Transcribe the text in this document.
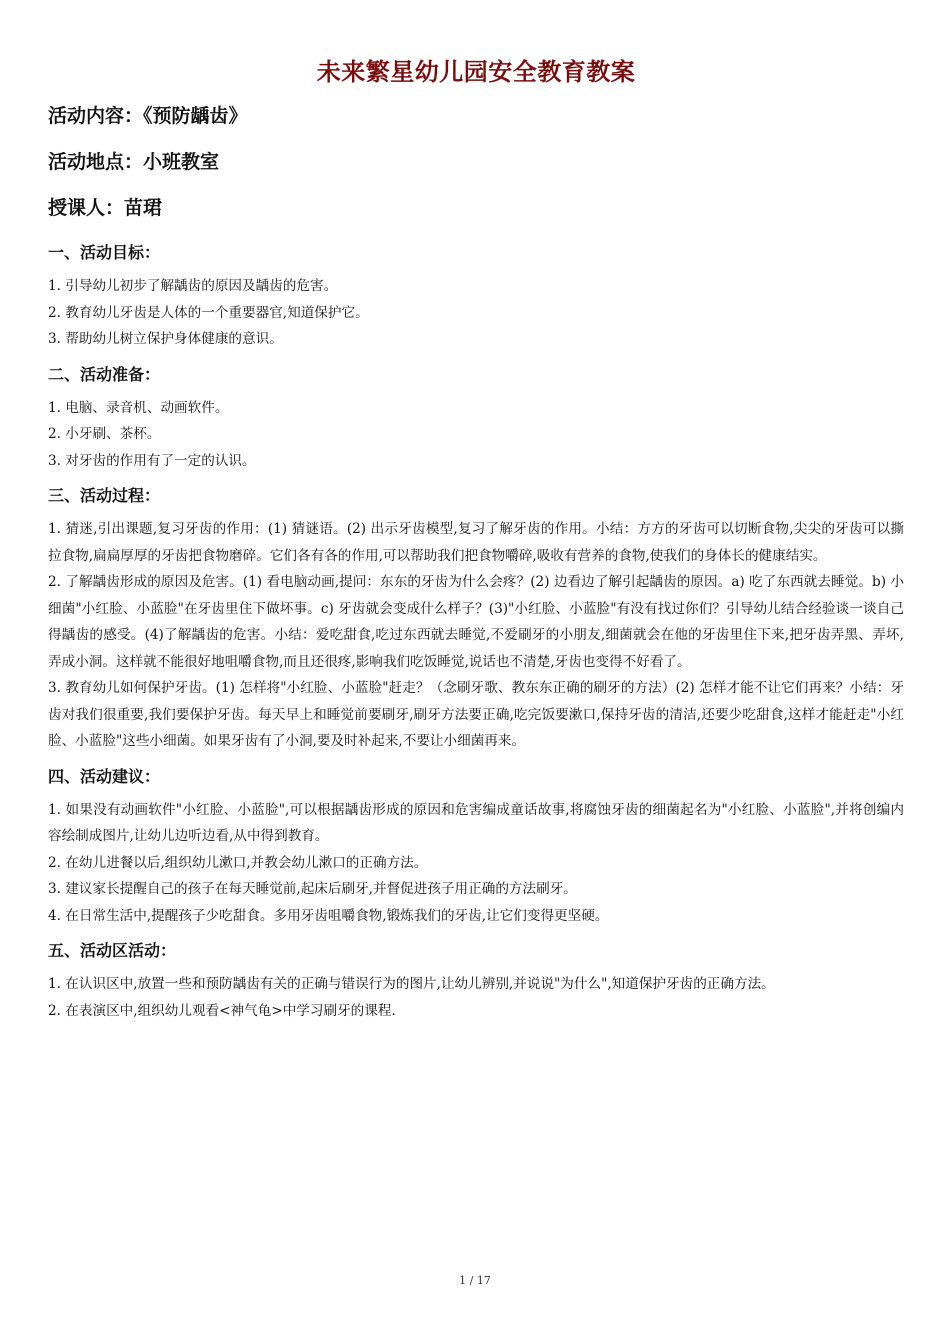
未来繁星幼儿园安全教育教案

活动内容：《预防龋齿》

活动地点：小班教室

授课人：苗珺

一、活动目标：

1. 引导幼儿初步了解龋齿的原因及龋齿的危害。

2. 教育幼儿牙齿是人体的一个重要器官,知道保护它。

3. 帮助幼儿树立保护身体健康的意识。

二、活动准备：

1. 电脑、录音机、动画软件。

2. 小牙刷、茶杯。

3. 对牙齿的作用有了一定的认识。

三、活动过程：

1. 猜迷,引出课题,复习牙齿的作用：(1) 猜谜语。(2) 出示牙齿模型,复习了解牙齿的作用。小结：方方的牙齿可以切断食物,尖尖的牙齿可以撕拉食物,扁扁厚厚的牙齿把食物磨碎。它们各有各的作用,可以帮助我们把食物嚼碎,吸收有营养的食物,使我们的身体长的健康结实。

2. 了解龋齿形成的原因及危害。(1) 看电脑动画,提问：东东的牙齿为什么会疼？(2) 边看边了解引起龋齿的原因。a) 吃了东西就去睡觉。b) 小细菌"小红脸、小蓝脸"在牙齿里住下做坏事。c) 牙齿就会变成什么样子？(3)"小红脸、小蓝脸"有没有找过你们？引导幼儿结合经验谈一谈自己得龋齿的感受。(4)了解龋齿的危害。小结：爱吃甜食,吃过东西就去睡觉,不爱刷牙的小朋友,细菌就会在他的牙齿里住下来,把牙齿弄黑、弄坏,弄成小洞。这样就不能很好地咀嚼食物,而且还很疼,影响我们吃饭睡觉,说话也不清楚,牙齿也变得不好看了。

3. 教育幼儿如何保护牙齿。(1) 怎样将"小红脸、小蓝脸"赶走？（念刷牙歌、教东东正确的刷牙的方法）(2) 怎样才能不让它们再来？小结：牙齿对我们很重要,我们要保护牙齿。每天早上和睡觉前要刷牙,刷牙方法要正确,吃完饭要漱口,保持牙齿的清洁,还要少吃甜食,这样才能赶走"小红脸、小蓝脸"这些小细菌。如果牙齿有了小洞,要及时补起来,不要让小细菌再来。

四、活动建议：

1. 如果没有动画软件"小红脸、小蓝脸",可以根据龋齿形成的原因和危害编成童话故事,将腐蚀牙齿的细菌起名为"小红脸、小蓝脸",并将创编内容绘制成图片,让幼儿边听边看,从中得到教育。

2. 在幼儿进餐以后,组织幼儿漱口,并教会幼儿漱口的正确方法。

3. 建议家长提醒自己的孩子在每天睡觉前,起床后刷牙,并督促进孩子用正确的方法刷牙。

4. 在日常生活中,提醒孩子少吃甜食。多用牙齿咀嚼食物,锻炼我们的牙齿,让它们变得更坚硬。

五、活动区活动：

1. 在认识区中,放置一些和预防龋齿有关的正确与错误行为的图片,让幼儿辨别,并说说"为什么",知道保护牙齿的正确方法。

2. 在表演区中,组织幼儿观看<神气龟>中学习刷牙的课程.

1 / 17
